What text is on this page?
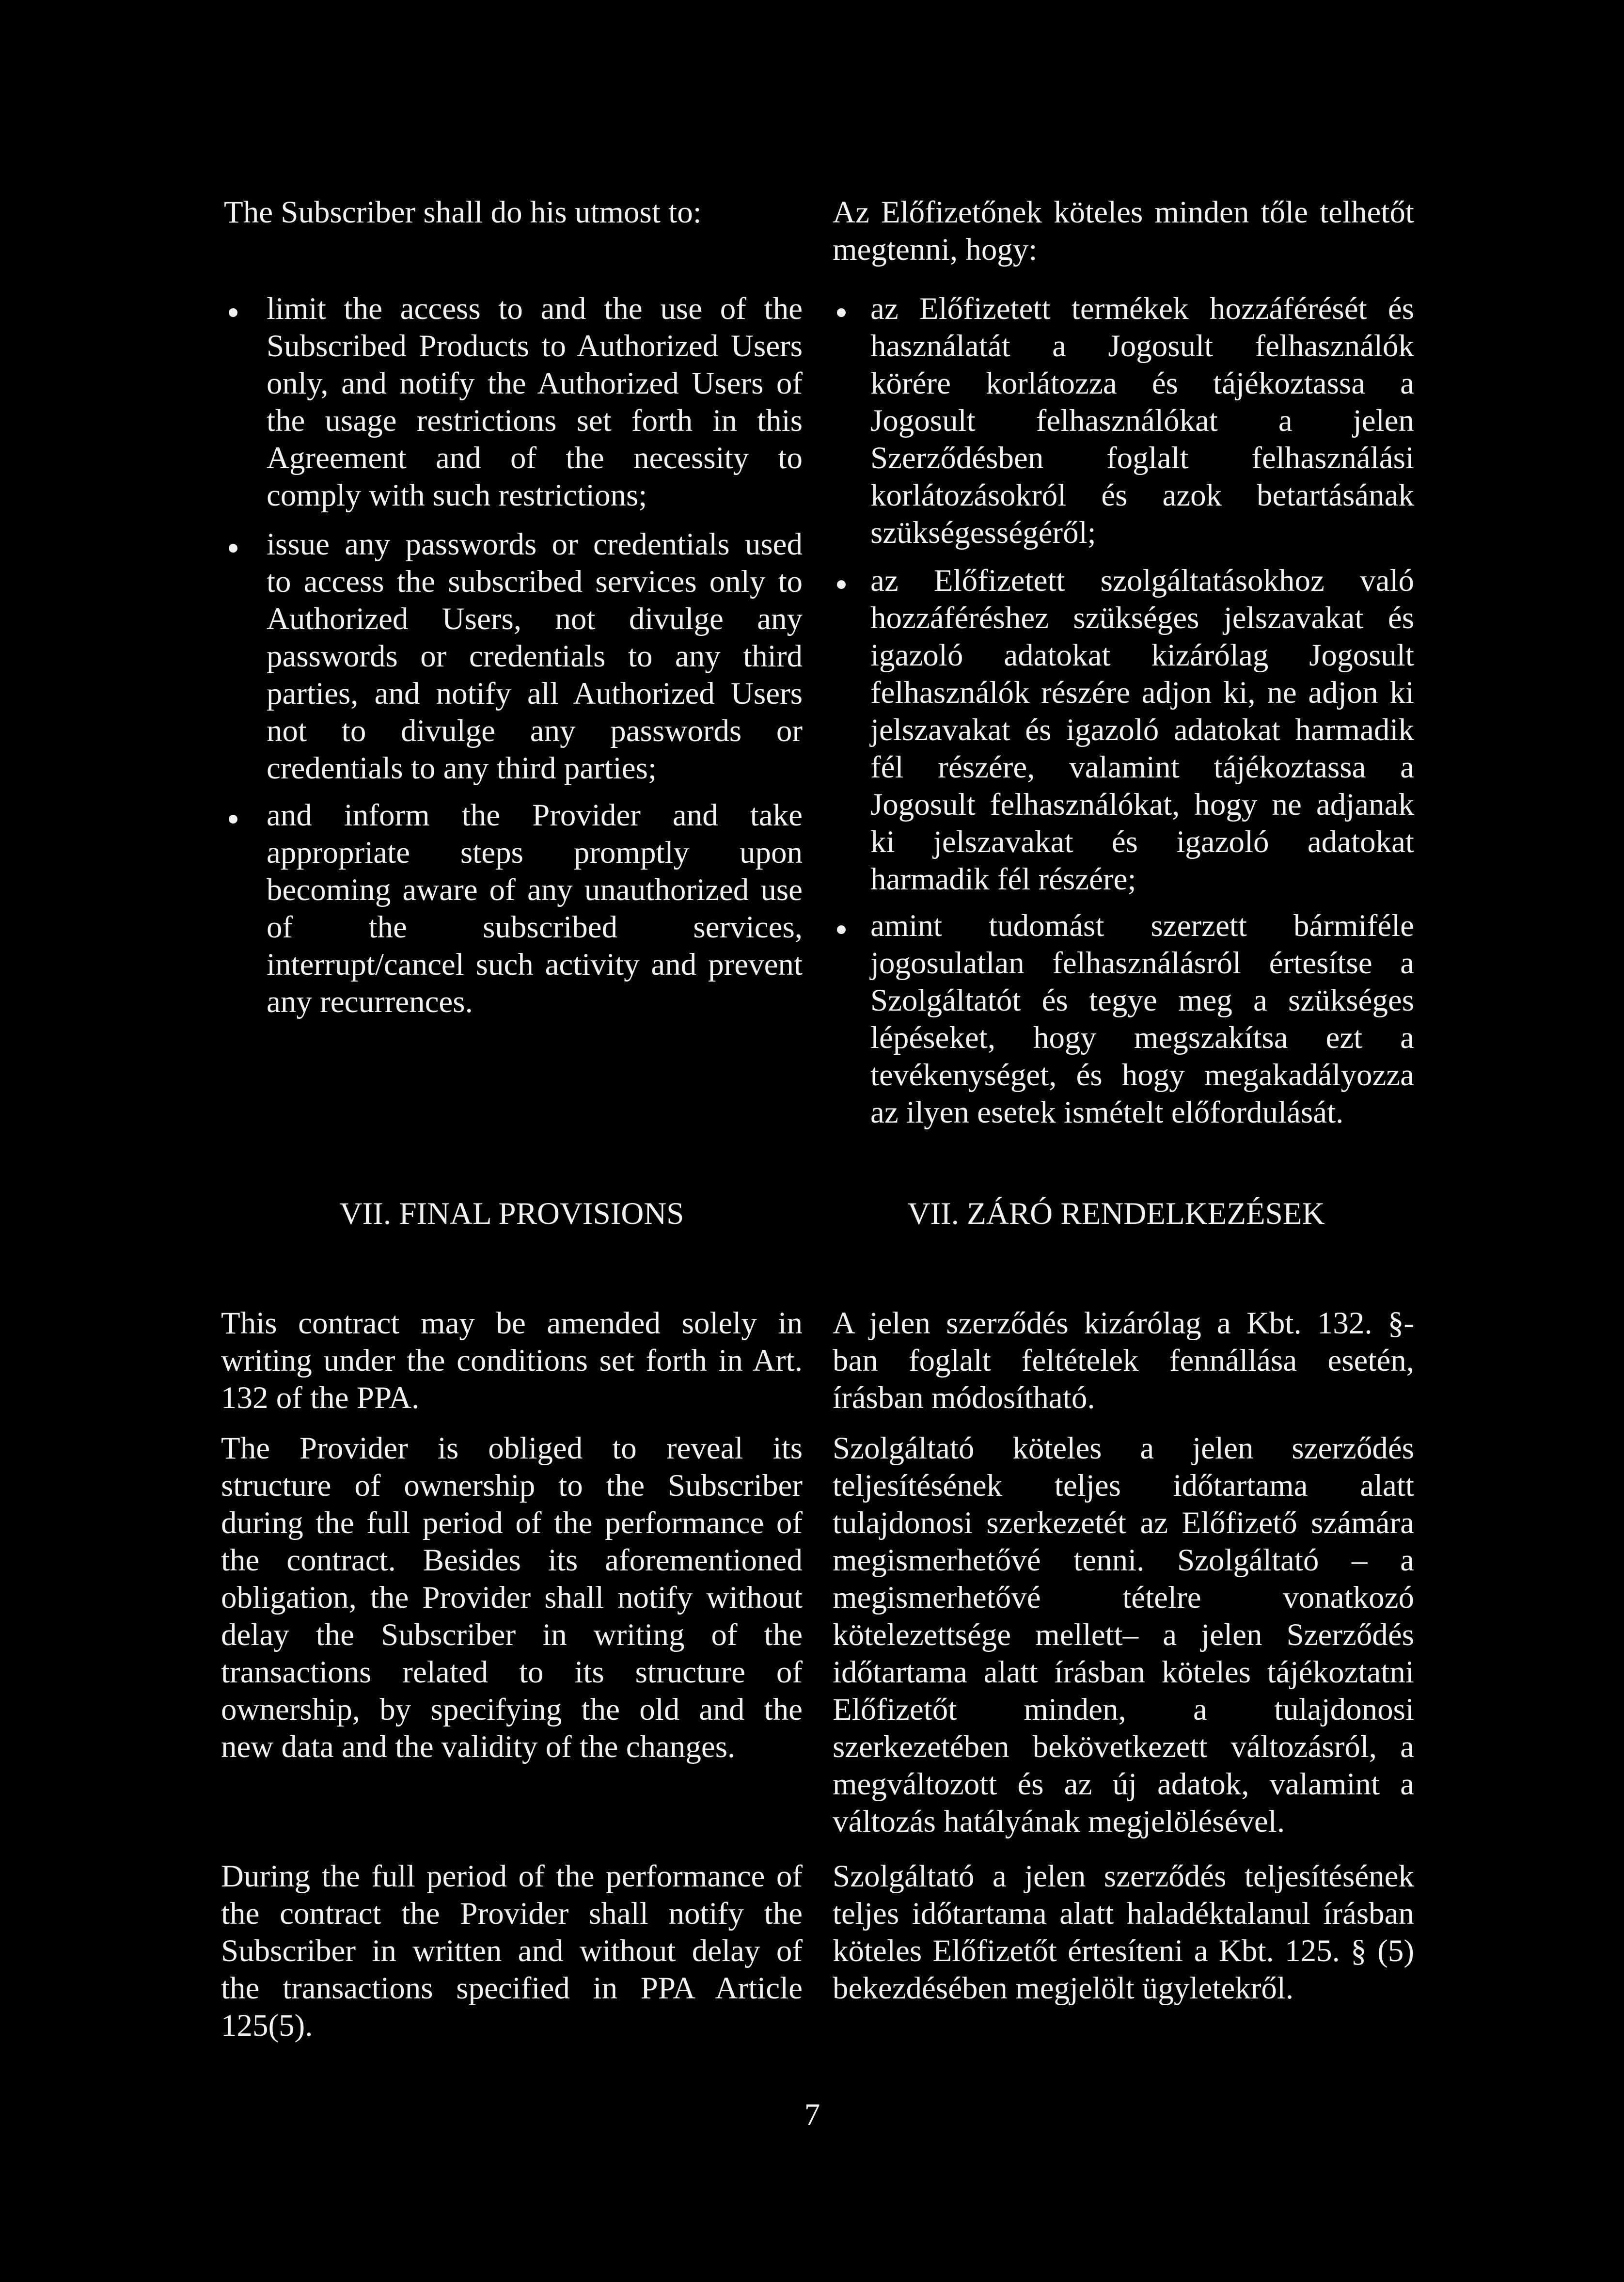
The Subscriber shall do his utmost to:
limit the access to and the use of the
Subscribed Products to Authorized Users
only, and notify the Authorized Users of
the usage restrictions set forth in this
Agreement and of the necessity to
comply with such restrictions;
issue any passwords or credentials used
to access the subscribed services only to
Authorized Users, not divulge any
passwords or credentials to any third
parties, and notify all Authorized Users
not to divulge any passwords or
credentials to any third parties;
and inform the Provider and take
appropriate steps promptly upon
becoming aware of any unauthorized use
of the subscribed services,
interrupt/cancel such activity and prevent
any recurrences.
VII. FINAL PROVISIONS
This contract may be amended solely in
writing under the conditions set forth in Art.
132 of the PPA.
The Provider is obliged to reveal its
structure of ownership to the Subscriber
during the full period of the performance of
the contract. Besides its aforementioned
obligation, the Provider shall notify without
delay the Subscriber in writing of the
transactions related to its structure of
ownership, by specifying the old and the
new data and the validity of the changes.
During the full period of the performance of
the contract the Provider shall notify the
Subscriber in written and without delay of
the transactions specified in PPA Article
125(5).
Az Előfizetőnek köteles minden tőle telhetőt
megtenni, hogy:
az Előfizetett termékek hozzáférését és
használatát a Jogosult felhasználók
körére korlátozza és tájékoztassa a
Jogosult felhasználókat a jelen
Szerződésben foglalt felhasználási
korlátozásokról és azok betartásának
szükségességéről;
az Előfizetett szolgáltatásokhoz való
hozzáféréshez szükséges jelszavakat és
igazoló adatokat kizárólag Jogosult
felhasználók részére adjon ki, ne adjon ki
jelszavakat és igazoló adatokat harmadik
fél részére, valamint tájékoztassa a
Jogosult felhasználókat, hogy ne adjanak
ki jelszavakat és igazoló adatokat
harmadik fél részére;
amint tudomást szerzett bármiféle
jogosulatlan felhasználásról értesítse a
Szolgáltatót és tegye meg a szükséges
lépéseket, hogy megszakítsa ezt a
tevékenységet, és hogy megakadályozza
az ilyen esetek ismételt előfordulását.
VII. ZÁRÓ RENDELKEZÉSEK
A jelen szerződés kizárólag a Kbt. 132. §-
ban foglalt feltételek fennállása esetén,
írásban módosítható.
Szolgáltató köteles a jelen szerződés
teljesítésének teljes időtartama alatt
tulajdonosi szerkezetét az Előfizető számára
megismerhetővé tenni. Szolgáltató – a
megismerhetővé tételre vonatkozó
kötelezettsége mellett– a jelen Szerződés
időtartama alatt írásban köteles tájékoztatni
Előfizetőt minden, a tulajdonosi
szerkezetében bekövetkezett változásról, a
megváltozott és az új adatok, valamint a
változás hatályának megjelölésével.
Szolgáltató a jelen szerződés teljesítésének
teljes időtartama alatt haladéktalanul írásban
köteles Előfizetőt értesíteni a Kbt. 125. § (5)
bekezdésében megjelölt ügyletekről.
7
